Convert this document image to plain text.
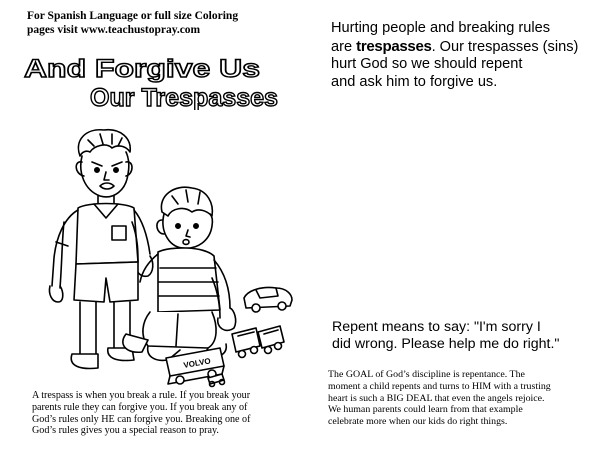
For Spanish Language or full size Coloring
pages visit www.teachustopray.com
And Forgive Us
Our Trespasses
Hurting people and breaking rules
are trespasses. Our trespasses (sins)
hurt God so we should repent
and ask him to forgive us.
VOLVO
A trespass is when you break a rule. If you break your
parents rule they can forgive you. If you break any of
God’s rules only HE can forgive you. Breaking one of
God’s rules gives you a special reason to pray.
Repent means to say: "I'm sorry I
did wrong. Please help me do right."
The GOAL of God’s discipline is repentance. The
moment a child repents and turns to HIM with a trusting
heart is such a BIG DEAL that even the angels rejoice.
We human parents could learn from that example
celebrate more when our kids do right things.
